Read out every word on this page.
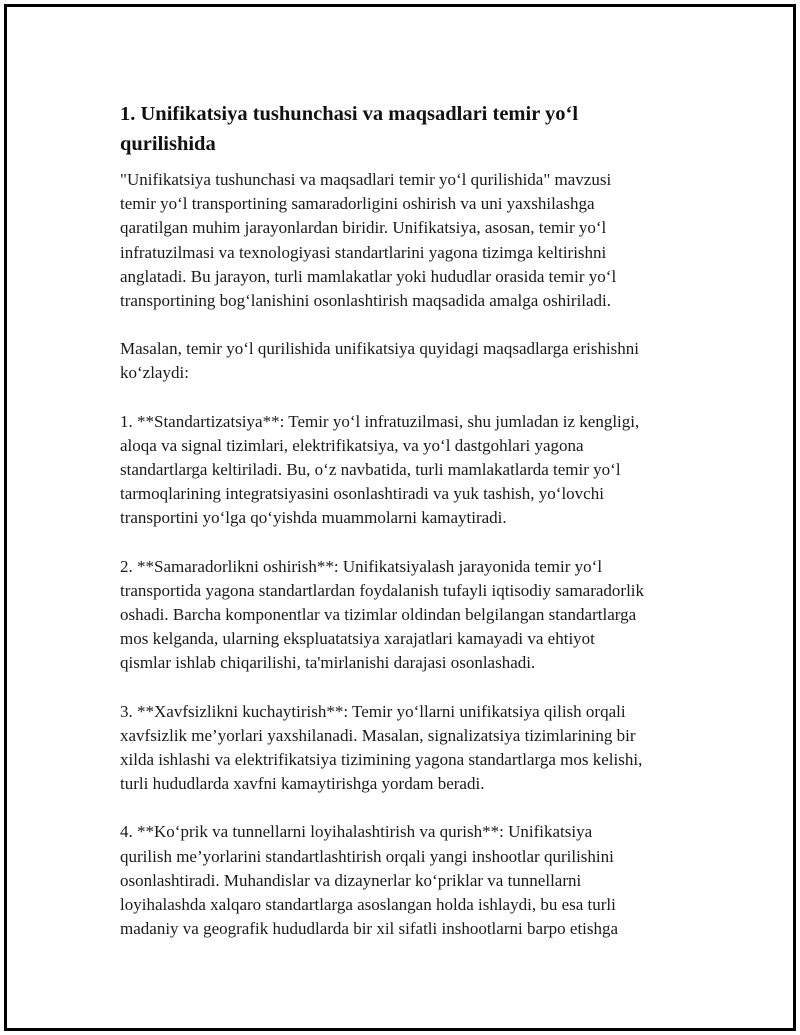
1. Unifikatsiya tushunchasi va maqsadlari temir yo‘l
qurilishida

"Unifikatsiya tushunchasi va maqsadlari temir yo‘l qurilishida" mavzusi
temir yo‘l transportining samaradorligini oshirish va uni yaxshilashga
qaratilgan muhim jarayonlardan biridir. Unifikatsiya, asosan, temir yo‘l
infratuzilmasi va texnologiyasi standartlarini yagona tizimga keltirishni
anglatadi. Bu jarayon, turli mamlakatlar yoki hududlar orasida temir yo‘l
transportining bog‘lanishini osonlashtirish maqsadida amalga oshiriladi.

Masalan, temir yo‘l qurilishida unifikatsiya quyidagi maqsadlarga erishishni
ko‘zlaydi:

1. **Standartizatsiya**: Temir yo‘l infratuzilmasi, shu jumladan iz kengligi,
aloqa va signal tizimlari, elektrifikatsiya, va yo‘l dastgohlari yagona
standartlarga keltiriladi. Bu, o‘z navbatida, turli mamlakatlarda temir yo‘l
tarmoqlarining integratsiyasini osonlashtiradi va yuk tashish, yo‘lovchi
transportini yo‘lga qo‘yishda muammolarni kamaytiradi.

2. **Samaradorlikni oshirish**: Unifikatsiyalash jarayonida temir yo‘l
transportida yagona standartlardan foydalanish tufayli iqtisodiy samaradorlik
oshadi. Barcha komponentlar va tizimlar oldindan belgilangan standartlarga
mos kelganda, ularning ekspluatatsiya xarajatlari kamayadi va ehtiyot
qismlar ishlab chiqarilishi, ta'mirlanishi darajasi osonlashadi.

3. **Xavfsizlikni kuchaytirish**: Temir yo‘llarni unifikatsiya qilish orqali
xavfsizlik me’yorlari yaxshilanadi. Masalan, signalizatsiya tizimlarining bir
xilda ishlashi va elektrifikatsiya tizimining yagona standartlarga mos kelishi,
turli hududlarda xavfni kamaytirishga yordam beradi.

4. **Ko‘prik va tunnellarni loyihalashtirish va qurish**: Unifikatsiya
qurilish me’yorlarini standartlashtirish orqali yangi inshootlar qurilishini
osonlashtiradi. Muhandislar va dizaynerlar ko‘priklar va tunnellarni
loyihalashda xalqaro standartlarga asoslangan holda ishlaydi, bu esa turli
madaniy va geografik hududlarda bir xil sifatli inshootlarni barpo etishga
